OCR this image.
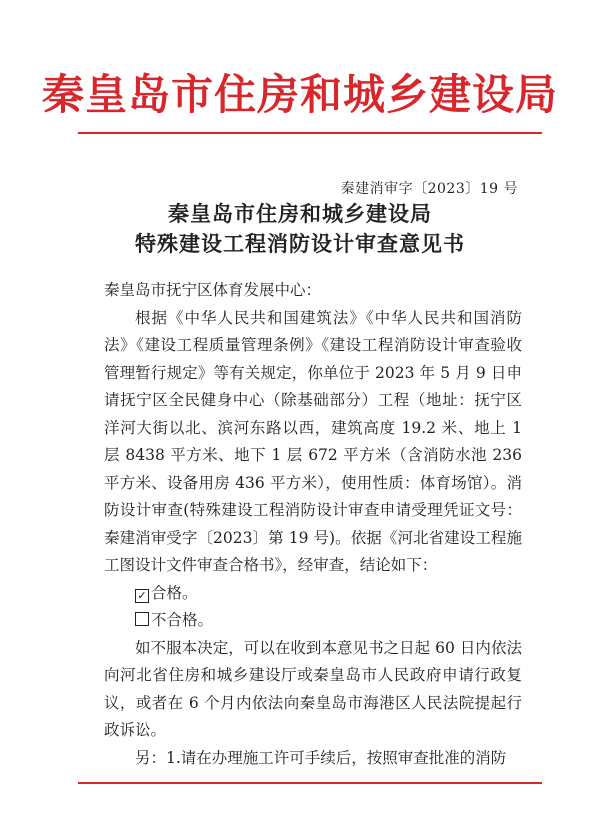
秦皇岛市住房和城乡建设局
秦建消审字〔2023〕19 号
秦皇岛市住房和城乡建设局
特殊建设工程消防设计审查意见书

秦皇岛市抚宁区体育发展中心：

根据《中华人民共和国建筑法》《中华人民共和国消防法》《建设工程质量管理条例》《建设工程消防设计审查验收管理暂行规定》等有关规定，你单位于 2023 年 5 月 9 日申请抚宁区全民健身中心（除基础部分）工程（地址：抚宁区洋河大街以北、滨河东路以西，建筑高度 19.2 米、地上 1 层 8438 平方米、地下 1 层 672 平方米（含消防水池 236 平方米、设备用房 436 平方米），使用性质：体育场馆）。消防设计审查(特殊建设工程消防设计审查申请受理凭证文号：秦建消审受字〔2023〕第 19 号)。依据《河北省建设工程施工图设计文件审查合格书》，经审查，结论如下：

✓ 合格。

不合格。

如不服本决定，可以在收到本意见书之日起 60 日内依法向河北省住房和城乡建设厅或秦皇岛市人民政府申请行政复议，或者在 6 个月内依法向秦皇岛市海港区人民法院提起行政诉讼。

另：1.请在办理施工许可手续后，按照审查批准的消防
